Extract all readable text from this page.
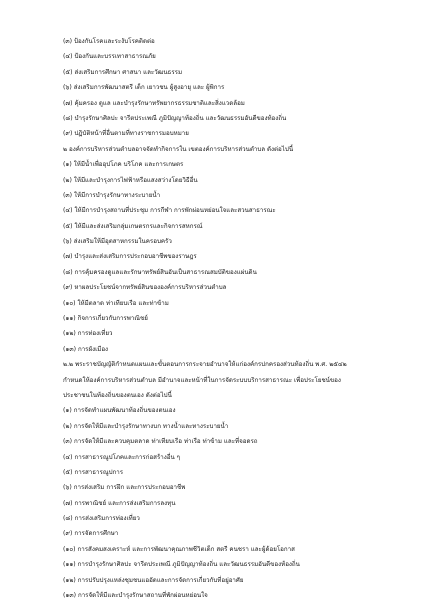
(๓) ป้องกันโรคและระงับโรคติดต่อ
(๔) ป้องกันและบรรเทาสาธารณภัย
(๕) ส่งเสริมการศึกษา ศาสนา และวัฒนธรรม
(๖) ส่งเสริมการพัฒนาสตรี เด็ก เยาวชน ผู้สูงอายุ และ ผู้พิการ
(๗) คุ้มครอง ดูแล และบำรุงรักษาทรัพยากรธรรมชาติและสิ่งแวดล้อม
(๘) บำรุงรักษาศิลปะ จารีตประเพณี ภูมิปัญญาท้องถิ่น และวัฒนธรรมอันดีของท้องถิ่น
(๙) ปฏิบัติหน้าที่อื่นตามที่ทางราชการมอบหมาย
๒ องค์การบริหารส่วนตำบลอาจจัดทำกิจการใน เขตองค์การบริหารส่วนตำบล ดังต่อไปนี้
(๑) ให้มีน้ำเพื่ออุปโภค บริโภค และการเกษตร
(๒) ให้มีและบำรุงการไฟฟ้าหรือแสงสว่างโดยวิธีอื่น
(๓) ให้มีการบำรุงรักษาทางระบายน้ำ
(๔) ให้มีการบำรุงสถานที่ประชุม การกีฬา การพักผ่อนหย่อนใจและสวนสาธารณะ
(๕) ให้มีและส่งเสริมกลุ่มเกษตรกรและกิจการสหกรณ์
(๖) ส่งเสริมให้มีอุตสาหกรรมในครอบครัว
(๗) บำรุงและส่งเสริมการประกอบอาชีพของราษฎร
(๘) การคุ้มครองดูแลและรักษาทรัพย์สินอันเป็นสาธารณสมบัติของแผ่นดิน
(๙) หาผลประโยชน์จากทรัพย์สินขององค์การบริหารส่วนตำบล
(๑๐) ให้มีตลาด ท่าเทียบเรือ และท่าข้าม
(๑๑) กิจการเกี่ยวกับการพาณิชย์
(๑๒) การท่องเที่ยว
(๑๓) การผังเมือง
๒.๒ พระราชบัญญัติกำหนดแผนและขั้นตอนการกระจายอำนาจให้แก่องค์กรปกครองส่วนท้องถิ่น พ.ศ. ๒๕๔๒
กำหนดให้องค์การบริหารส่วนตำบล มีอำนาจและหน้าที่ในการจัดระบบบริการสาธารณะ เพื่อประโยชน์ของ
ประชาชนในท้องถิ่นของตนเอง ดังต่อไปนี้
(๑) การจัดทำแผนพัฒนาท้องถิ่นของตนเอง
(๒) การจัดให้มีและบำรุงรักษาทางบก ทางน้ำและทางระบายน้ำ
(๓) การจัดให้มีและควบคุมตลาด ท่าเทียบเรือ ท่าเรือ ท่าข้าม และที่จอดรถ
(๔) การสาธารณูปโภคและการก่อสร้างอื่น ๆ
(๕) การสาธารณูปการ
(๖) การส่งเสริม การฝึก และการประกอบอาชีพ
(๗) การพาณิชย์ และการส่งเสริมการลงทุน
(๘) การส่งเสริมการท่องเที่ยว
(๙) การจัดการศึกษา
(๑๐) การสังคมสงเคราะห์ และการพัฒนาคุณภาพชีวิตเด็ก สตรี คนชรา และผู้ด้อยโอกาส
(๑๑) การบำรุงรักษาศิลปะ จารีตประเพณี ภูมิปัญญาท้องถิ่น และวัฒนธรรมอันดีของท้องถิ่น
(๑๒) การปรับปรุงแหล่งชุมชนแออัดและการจัดการเกี่ยวกับที่อยู่อาศัย
(๑๓) การจัดให้มีและบำรุงรักษาสถานที่พักผ่อนหย่อนใจ
